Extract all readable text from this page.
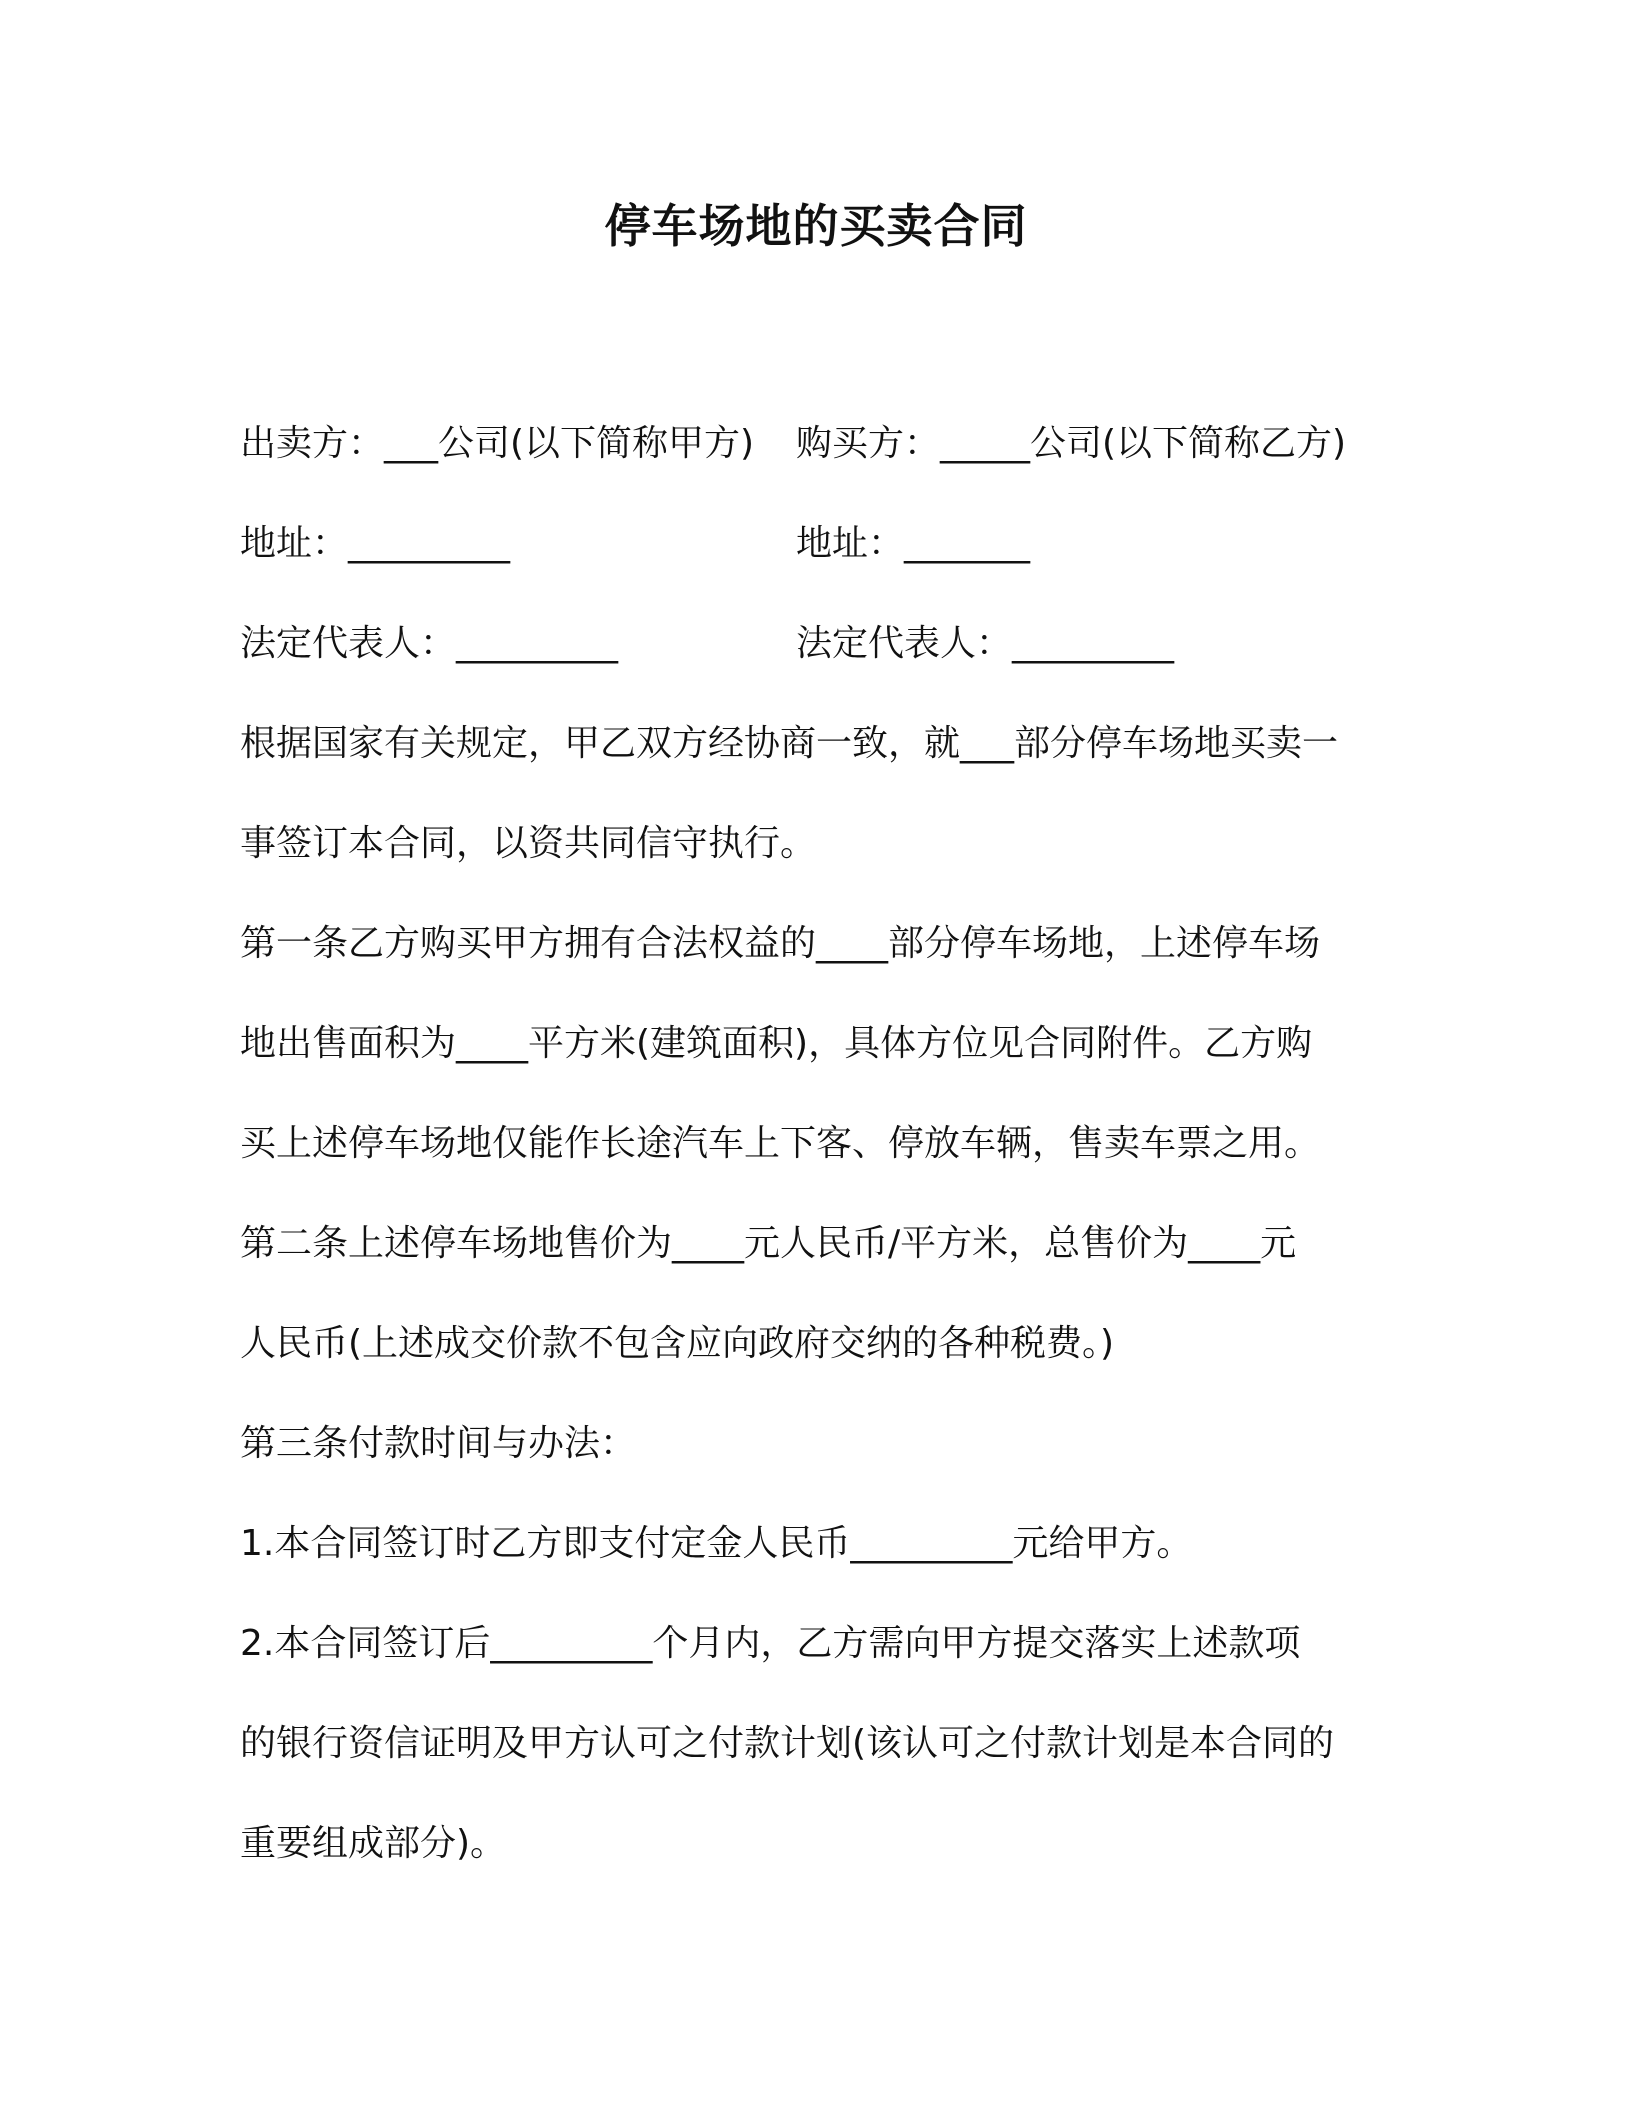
停车场地的买卖合同
出卖方：___公司(以下简称甲方) 购买方：_____公司(以下简称乙方)
地址：_________	地址：_______
法定代表人：_________	法定代表人：_________
根据国家有关规定，甲乙双方经协商一致，就___部分停车场地买卖一
事签订本合同，以资共同信守执行。
第一条乙方购买甲方拥有合法权益的____部分停车场地，上述停车场
地出售面积为____平方米(建筑面积)，具体方位见合同附件。乙方购
买上述停车场地仅能作长途汽车上下客、停放车辆，售卖车票之用。
第二条上述停车场地售价为____元人民币/平方米，总售价为____元
人民币(上述成交价款不包含应向政府交纳的各种税费。)
第三条付款时间与办法：
1.本合同签订时乙方即支付定金人民币_________元给甲方。
2.本合同签订后_________个月内，乙方需向甲方提交落实上述款项
的银行资信证明及甲方认可之付款计划(该认可之付款计划是本合同的
重要组成部分)。
